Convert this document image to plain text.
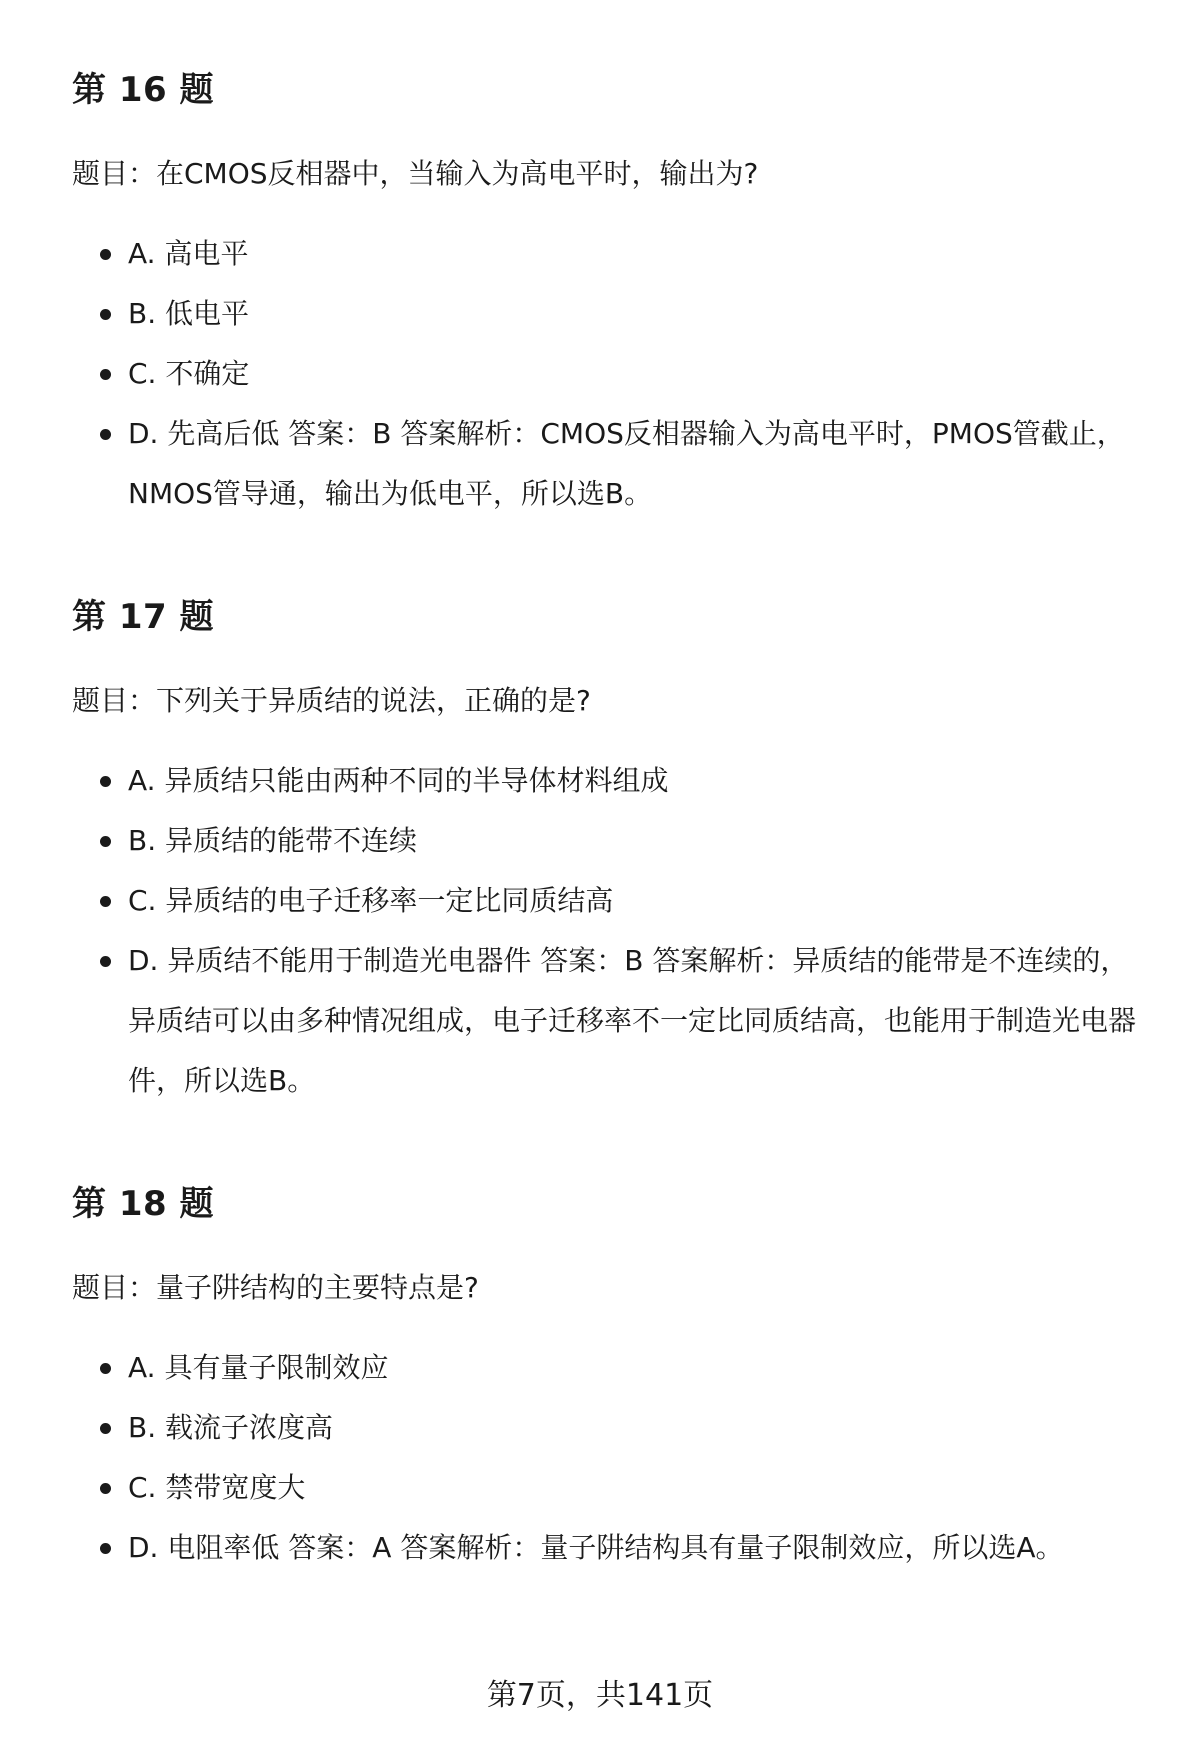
第 16 题

题目：在CMOS反相器中，当输入为高电平时，输出为?

A. 高电平
B. 低电平
C. 不确定
D. 先高后低 答案：B 答案解析：CMOS反相器输入为高电平时，PMOS管截止，NMOS管导通，输出为低电平，所以选B。
第 17 题

题目：下列关于异质结的说法，正确的是?

A. 异质结只能由两种不同的半导体材料组成
B. 异质结的能带不连续
C. 异质结的电子迁移率一定比同质结高
D. 异质结不能用于制造光电器件 答案：B 答案解析：异质结的能带是不连续的，异质结可以由多种情况组成，电子迁移率不一定比同质结高，也能用于制造光电器件，所以选B。
第 18 题

题目：量子阱结构的主要特点是?

A. 具有量子限制效应
B. 载流子浓度高
C. 禁带宽度大
D. 电阻率低 答案：A 答案解析：量子阱结构具有量子限制效应，所以选A。
第7页，共141页
